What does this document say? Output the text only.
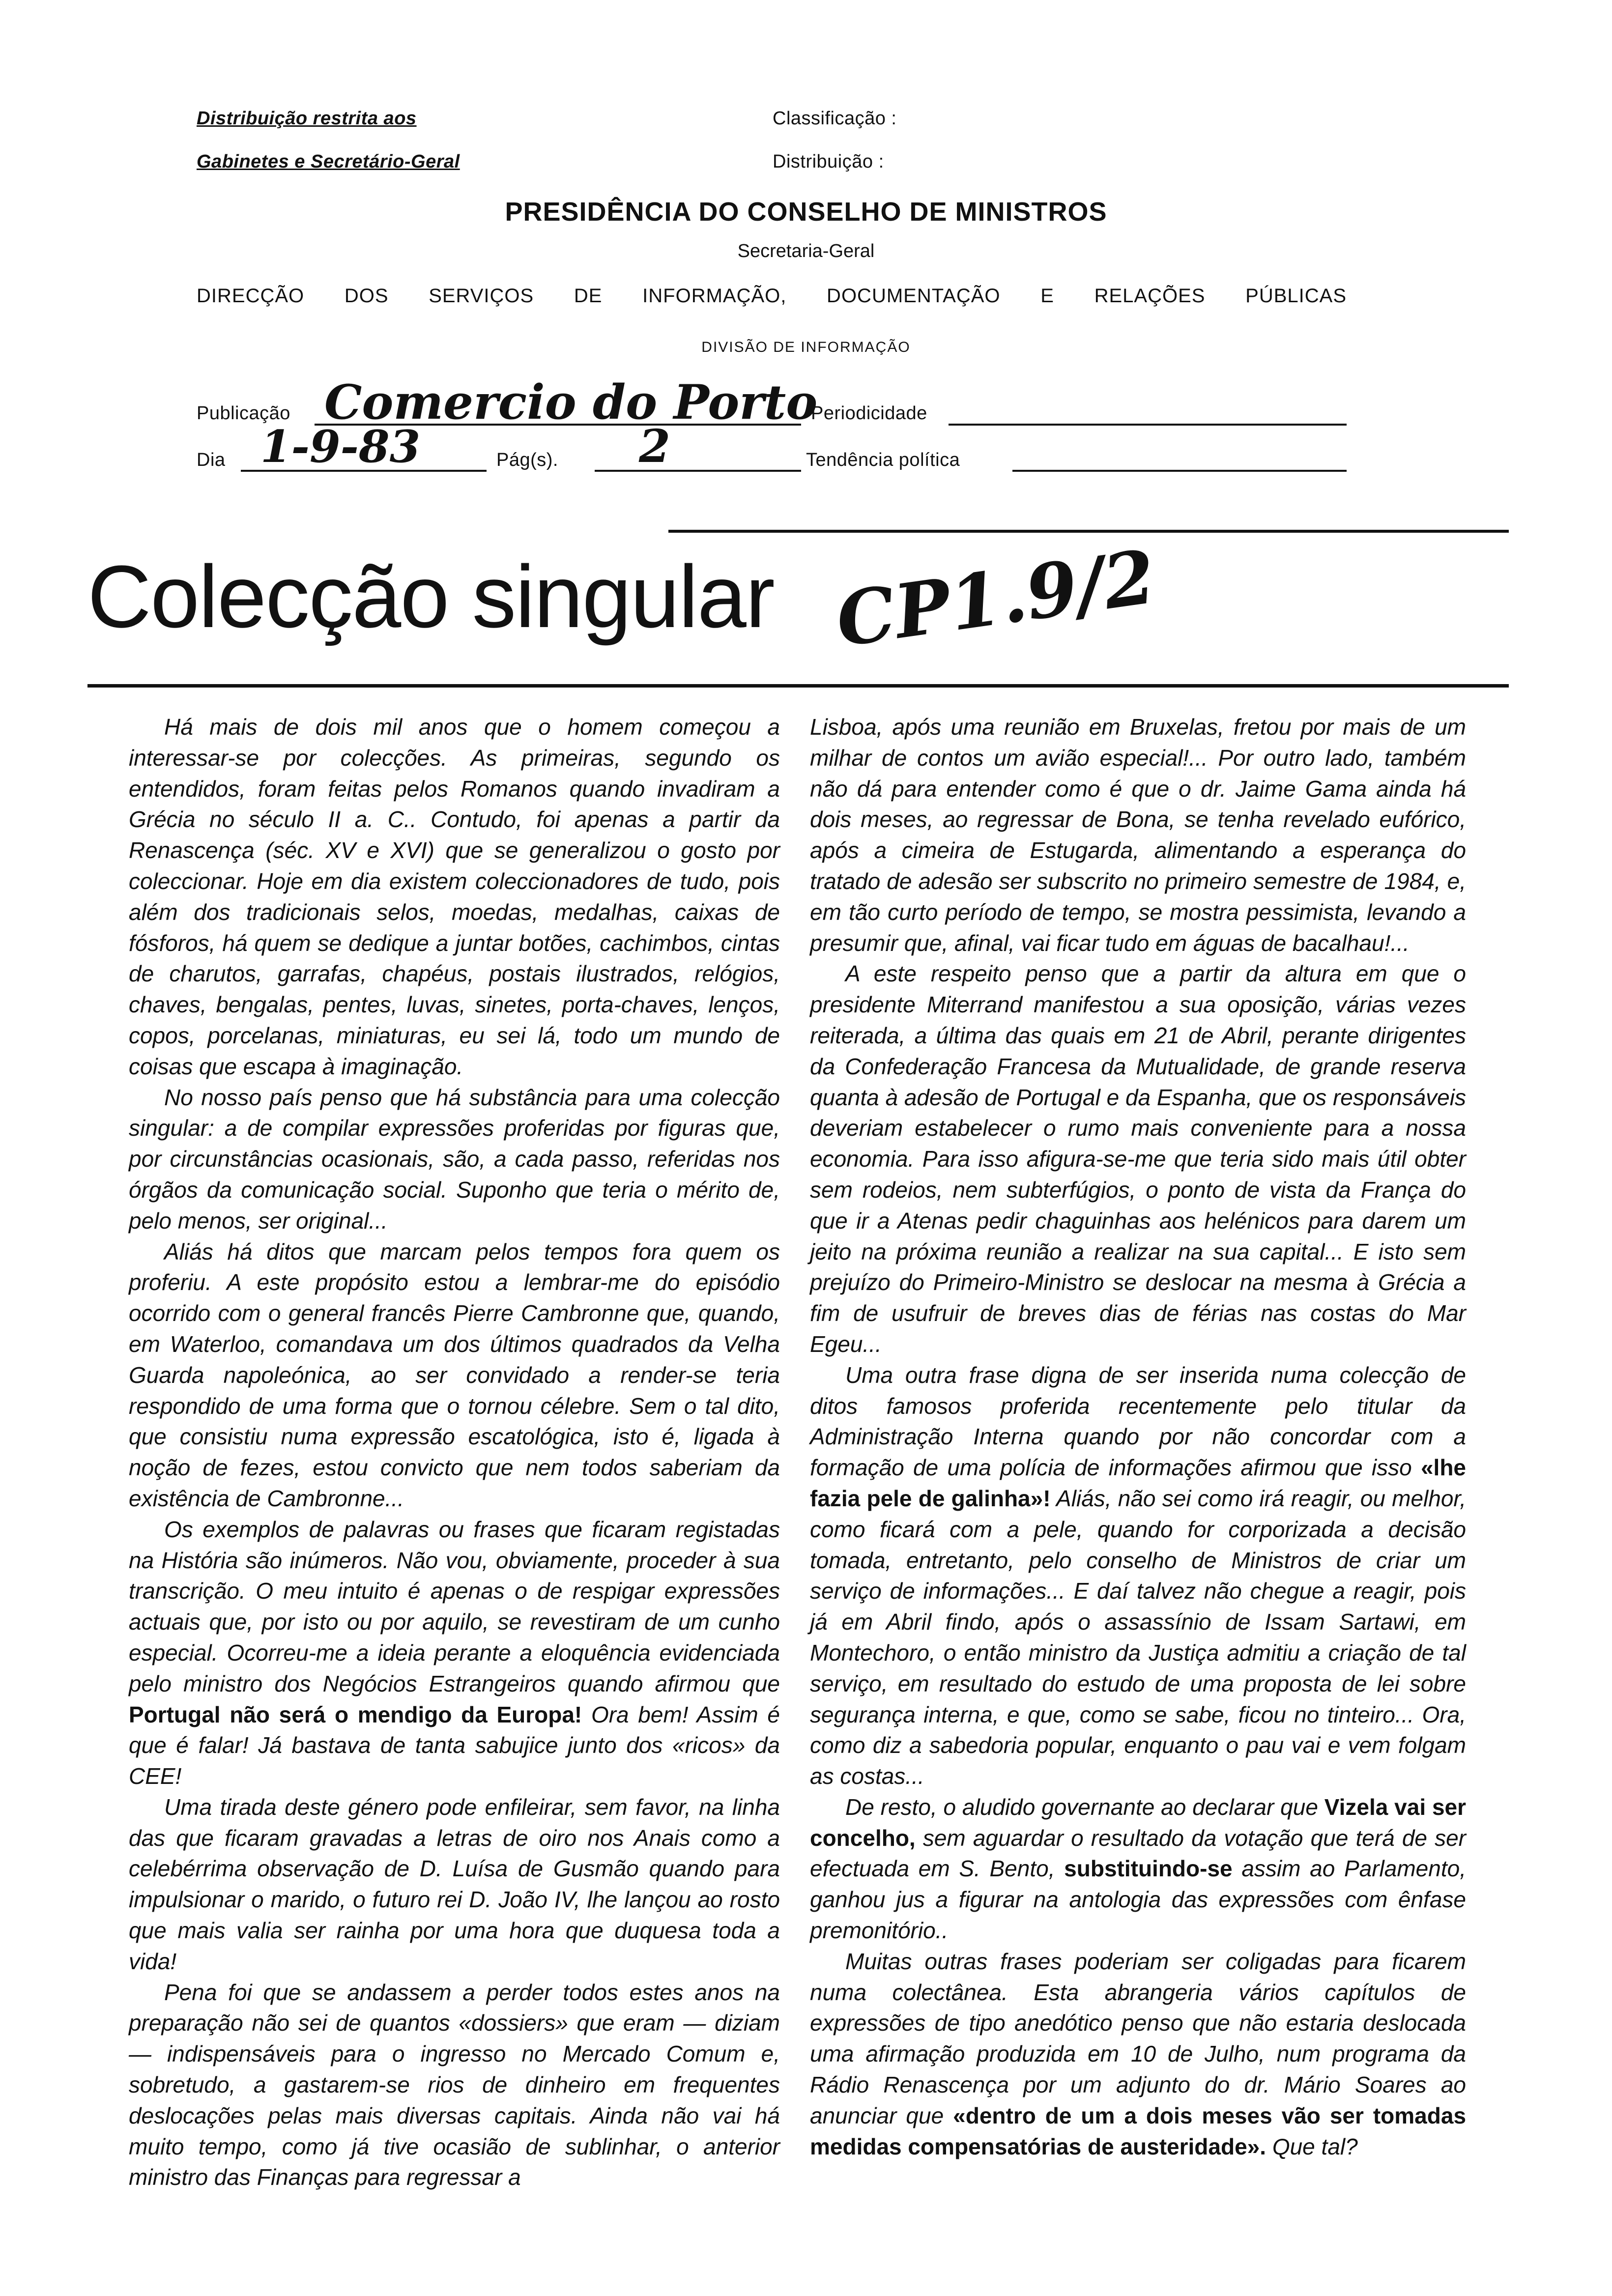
Distribuição restrita aos
Gabinetes e Secretário-Geral
Classificação :
Distribuição :
PRESIDÊNCIA DO CONSELHO DE MINISTROS
Secretaria-Geral
DIRECÇÃO DOS SERVIÇOS DE INFORMAÇÃO, DOCUMENTAÇÃO E RELAÇÕES PÚBLICAS
DIVISÃO DE INFORMAÇÃO
Publicação Comercio do Porto
Periodicidade
Dia 1-9-83	Pág(s). 2	Tendência política
Colecção singular CP1.9/2

Há mais de dois mil anos que o homem começou a interessar-se por colecções. As primeiras, segundo os entendidos, foram feitas pelos Romanos quando invadiram a Grécia no século II a. C.. Contudo, foi apenas a partir da Renascença (séc. XV e XVI) que se generalizou o gosto por coleccionar. Hoje em dia existem coleccionadores de tudo, pois além dos tradicionais selos, moedas, medalhas, caixas de fósforos, há quem se dedique a juntar botões, cachimbos, cintas de charutos, garrafas, chapéus, postais ilustrados, relógios, chaves, bengalas, pentes, luvas, sinetes, porta-chaves, lenços, copos, porcelanas, miniaturas, eu sei lá, todo um mundo de coisas que escapa à imaginação.

No nosso país penso que há substância para uma colecção singular: a de compilar expressões proferidas por figuras que, por circunstâncias ocasionais, são, a cada passo, referidas nos órgãos da comunicação social. Suponho que teria o mérito de, pelo menos, ser original...

Aliás há ditos que marcam pelos tempos fora quem os proferiu. A este propósito estou a lembrar-me do episódio ocorrido com o general francês Pierre Cambronne que, quando, em Waterloo, comandava um dos últimos quadrados da Velha Guarda napoleónica, ao ser convidado a render-se teria respondido de uma forma que o tornou célebre. Sem o tal dito, que consistiu numa expressão escatológica, isto é, ligada à noção de fezes, estou convicto que nem todos saberiam da existência de Cambronne...

Os exemplos de palavras ou frases que ficaram registadas na História são inúmeros. Não vou, obviamente, proceder à sua transcrição. O meu intuito é apenas o de respigar expressões actuais que, por isto ou por aquilo, se revestiram de um cunho especial. Ocorreu-me a ideia perante a eloquência evidenciada pelo ministro dos Negócios Estrangeiros quando afirmou que Portugal não será o mendigo da Europa! Ora bem! Assim é que é falar! Já bastava de tanta sabujice junto dos «ricos» da CEE!

Uma tirada deste género pode enfileirar, sem favor, na linha das que ficaram gravadas a letras de oiro nos Anais como a celebérrima observação de D. Luísa de Gusmão quando para impulsionar o marido, o futuro rei D. João IV, lhe lançou ao rosto que mais valia ser rainha por uma hora que duquesa toda a vida!

Pena foi que se andassem a perder todos estes anos na preparação não sei de quantos «dossiers» que eram — diziam — indispensáveis para o ingresso no Mercado Comum e, sobretudo, a gastarem-se rios de dinheiro em frequentes deslocações pelas mais diversas capitais. Ainda não vai há muito tempo, como já tive ocasião de sublinhar, o anterior ministro das Finanças para regressar a

Lisboa, após uma reunião em Bruxelas, fretou por mais de um milhar de contos um avião especial!... Por outro lado, também não dá para entender como é que o dr. Jaime Gama ainda há dois meses, ao regressar de Bona, se tenha revelado eufórico, após a cimeira de Estugarda, alimentando a esperança do tratado de adesão ser subscrito no primeiro semestre de 1984, e, em tão curto período de tempo, se mostra pessimista, levando a presumir que, afinal, vai ficar tudo em águas de bacalhau!...

A este respeito penso que a partir da altura em que o presidente Miterrand manifestou a sua oposição, várias vezes reiterada, a última das quais em 21 de Abril, perante dirigentes da Confederação Francesa da Mutualidade, de grande reserva quanta à adesão de Portugal e da Espanha, que os responsáveis deveriam estabelecer o rumo mais conveniente para a nossa economia. Para isso afigura-se-me que teria sido mais útil obter sem rodeios, nem subterfúgios, o ponto de vista da França do que ir a Atenas pedir chaguinhas aos helénicos para darem um jeito na próxima reunião a realizar na sua capital... E isto sem prejuízo do Primeiro-Ministro se deslocar na mesma à Grécia a fim de usufruir de breves dias de férias nas costas do Mar Egeu...

Uma outra frase digna de ser inserida numa colecção de ditos famosos proferida recentemente pelo titular da Administração Interna quando por não concordar com a formação de uma polícia de informações afirmou que isso «lhe fazia pele de galinha»! Aliás, não sei como irá reagir, ou melhor, como ficará com a pele, quando for corporizada a decisão tomada, entretanto, pelo conselho de Ministros de criar um serviço de informações... E daí talvez não chegue a reagir, pois já em Abril findo, após o assassínio de Issam Sartawi, em Montechoro, o então ministro da Justiça admitiu a criação de tal serviço, em resultado do estudo de uma proposta de lei sobre segurança interna, e que, como se sabe, ficou no tinteiro... Ora, como diz a sabedoria popular, enquanto o pau vai e vem folgam as costas...

De resto, o aludido governante ao declarar que Vizela vai ser concelho, sem aguardar o resultado da votação que terá de ser efectuada em S. Bento, substituindo-se assim ao Parlamento, ganhou jus a figurar na antologia das expressões com ênfase premonitório..

Muitas outras frases poderiam ser coligadas para ficarem numa colectânea. Esta abrangeria vários capítulos de expressões de tipo anedótico penso que não estaria deslocada uma afirmação produzida em 10 de Julho, num programa da Rádio Renascença por um adjunto do dr. Mário Soares ao anunciar que «dentro de um a dois meses vão ser tomadas medidas compensatórias de austeridade». Que tal?
